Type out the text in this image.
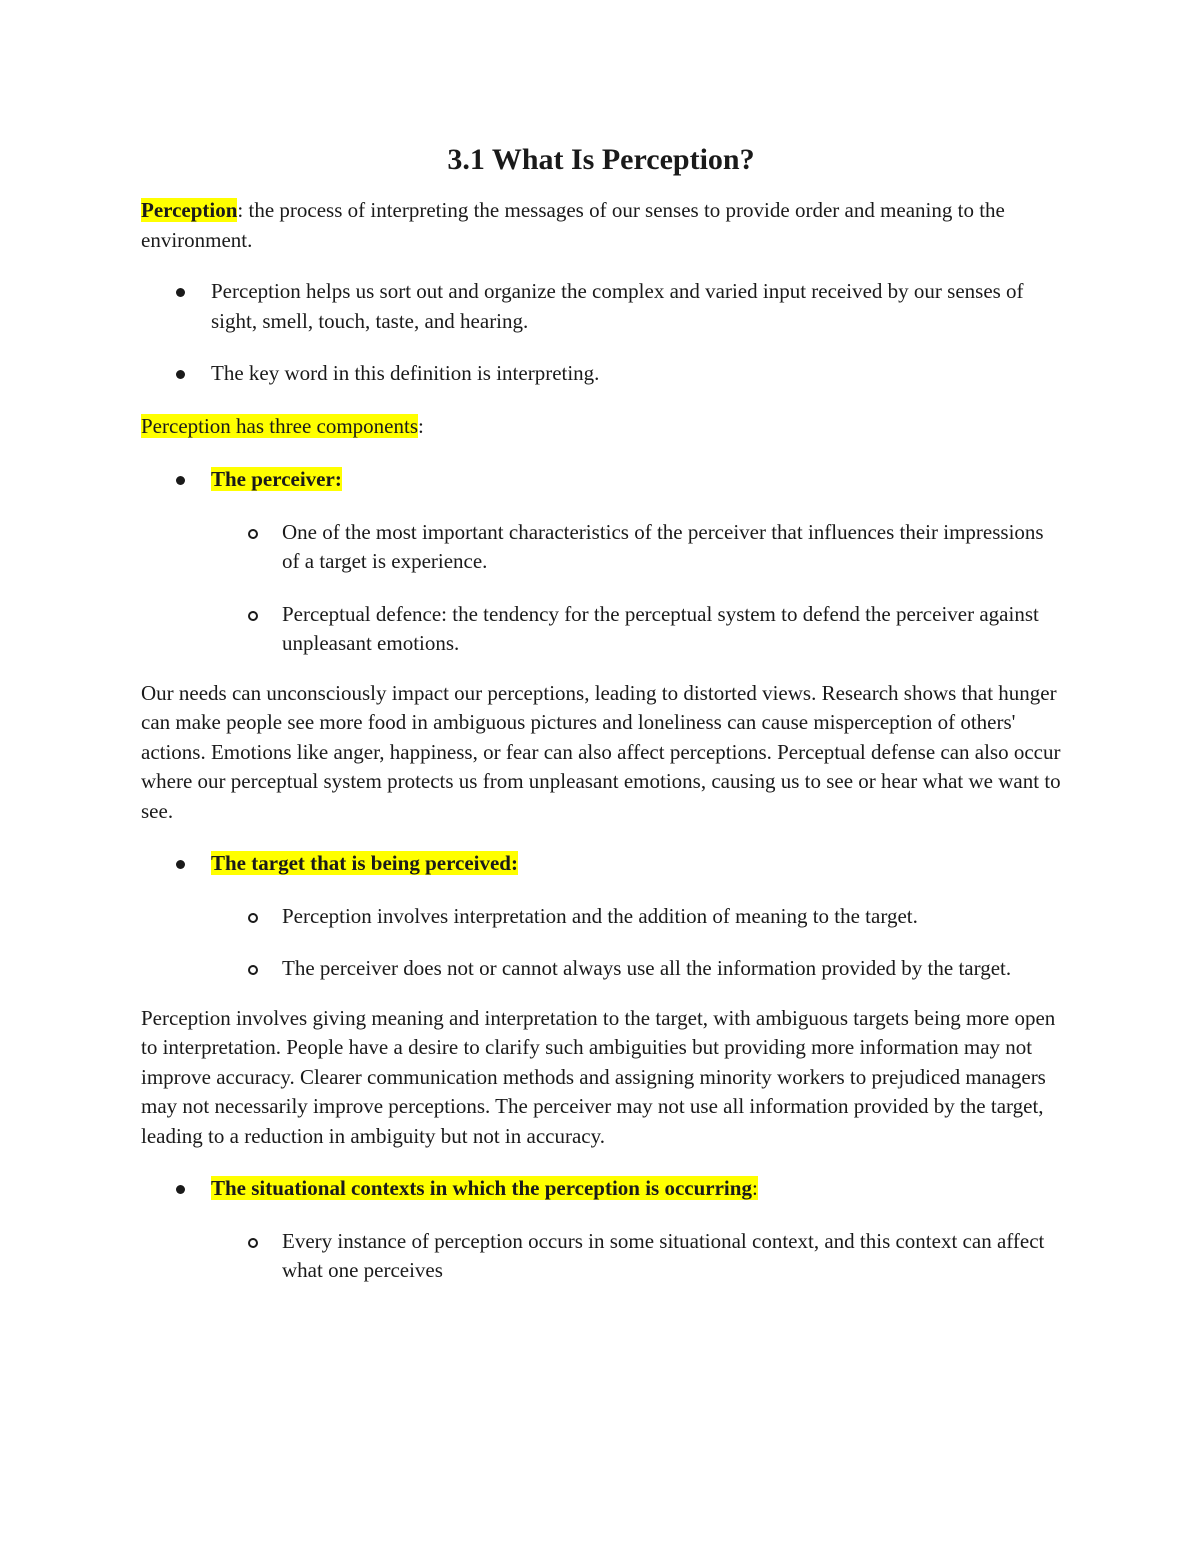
3.1 What Is Perception?

Perception: the process of interpreting the messages of our senses to provide order and meaning to the environment.

Perception helps us sort out and organize the complex and varied input received by our senses of sight, smell, touch, taste, and hearing.
The key word in this definition is interpreting.

Perception has three components:

The perceiver:
One of the most important characteristics of the perceiver that influences their impressions of a target is experience.
Perceptual defence: the tendency for the perceptual system to defend the perceiver against unpleasant emotions.

Our needs can unconsciously impact our perceptions, leading to distorted views. Research shows that hunger can make people see more food in ambiguous pictures and loneliness can cause misperception of others' actions. Emotions like anger, happiness, or fear can also affect perceptions. Perceptual defense can also occur where our perceptual system protects us from unpleasant emotions, causing us to see or hear what we want to see.

The target that is being perceived:
Perception involves interpretation and the addition of meaning to the target.
The perceiver does not or cannot always use all the information provided by the target.

Perception involves giving meaning and interpretation to the target, with ambiguous targets being more open to interpretation. People have a desire to clarify such ambiguities but providing more information may not improve accuracy. Clearer communication methods and assigning minority workers to prejudiced managers may not necessarily improve perceptions. The perceiver may not use all information provided by the target, leading to a reduction in ambiguity but not in accuracy.

The situational contexts in which the perception is occurring:
Every instance of perception occurs in some situational context, and this context can affect what one perceives
